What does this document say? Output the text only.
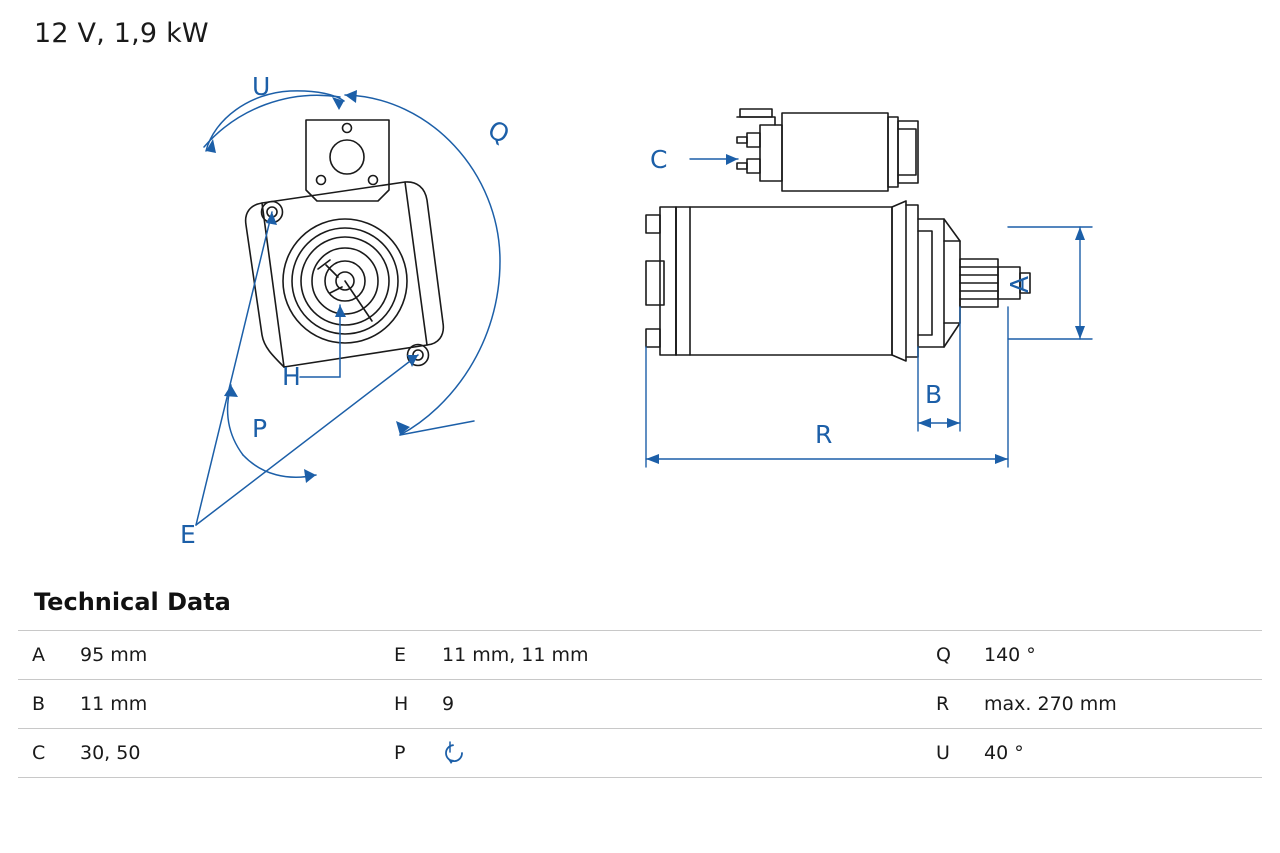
12 V, 1,9 kW
U
Q
H
P
E
C
A
B
R
Technical Data
A	95 mm	E	11 mm, 11 mm	Q	140 °
B	11 mm	H	9	R	max. 270 mm
C	30, 50	P		U	40 °
